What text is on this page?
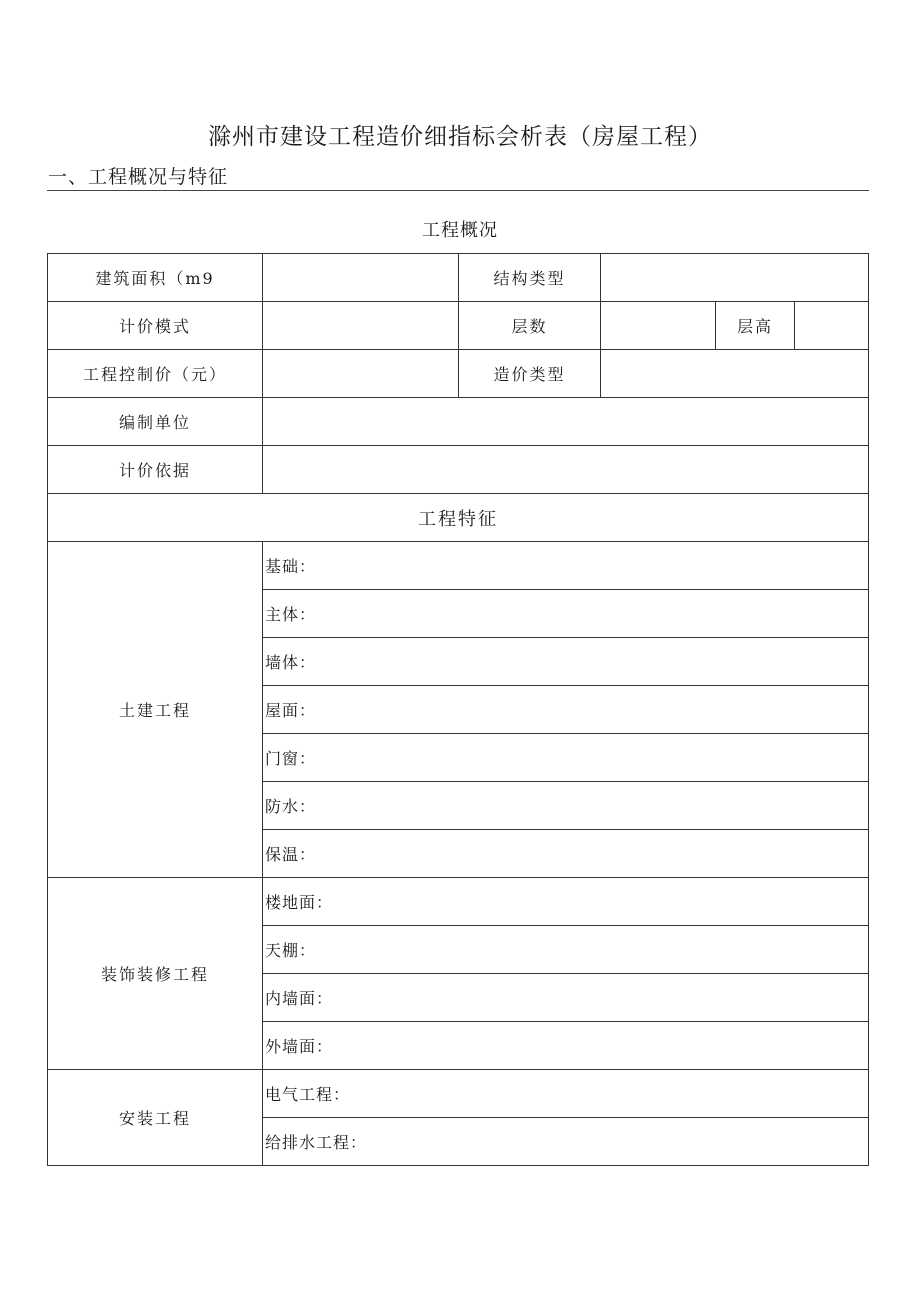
滁州市建设工程造价细指标会析表（房屋工程）
一、工程概况与特征
工程概况
建筑面积（m9		结构类型			
计价模式		层数		层高	
工程控制价（元）		造价类型			
编制单位					
计价依据					
工程特征					
土建工程	基础：				
	主体：				
	墙体：				
	屋面：				
	门窗：				
	防水：				
	保温：				
装饰装修工程	楼地面：				
	天棚：				
	内墙面：				
	外墙面：				
安装工程	电气工程：				
	给排水工程：				
